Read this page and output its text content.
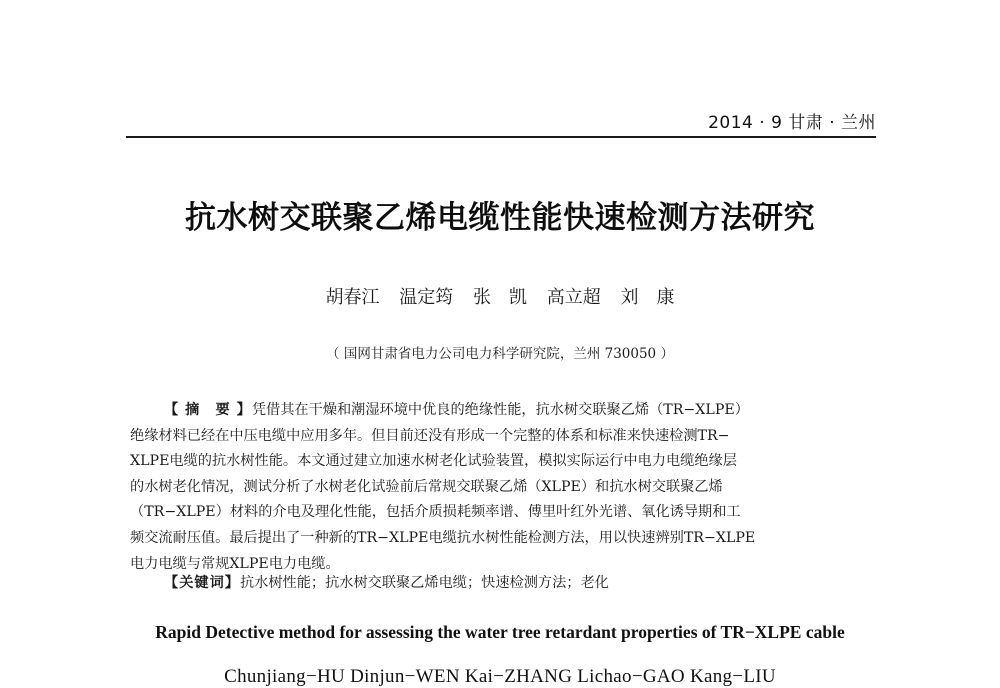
2014 · 9 甘肃 · 兰州
抗水树交联聚乙烯电缆性能快速检测方法研究
胡春江 温定筠 张　凯 高立超 刘　康
（ 国网甘肃省电力公司电力科学研究院，兰州 730050 ）
【 摘　要 】凭借其在干燥和潮湿环境中优良的绝缘性能，抗水树交联聚乙烯（TR−XLPE）
绝缘材料已经在中压电缆中应用多年。但目前还没有形成一个完整的体系和标准来快速检测TR−
XLPE电缆的抗水树性能。本文通过建立加速水树老化试验装置，模拟实际运行中电力电缆绝缘层
的水树老化情况，测试分析了水树老化试验前后常规交联聚乙烯（XLPE）和抗水树交联聚乙烯
（TR−XLPE）材料的介电及理化性能，包括介质损耗频率谱、傅里叶红外光谱、氧化诱导期和工
频交流耐压值。最后提出了一种新的TR−XLPE电缆抗水树性能检测方法，用以快速辨别TR−XLPE
电力电缆与常规XLPE电力电缆。
【关键词】抗水树性能；抗水树交联聚乙烯电缆；快速检测方法；老化
Rapid Detective method for assessing the water tree retardant properties of TR−XLPE cable
Chunjiang−HU Dinjun−WEN Kai−ZHANG Lichao−GAO Kang−LIU
